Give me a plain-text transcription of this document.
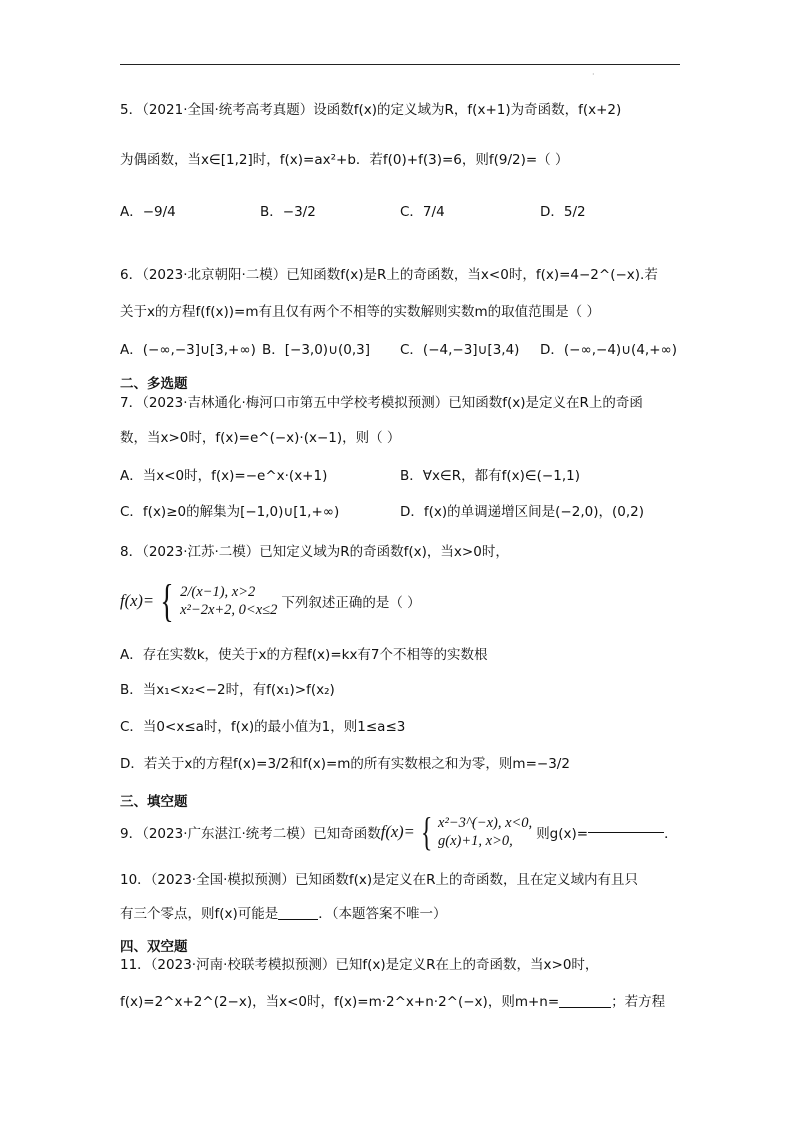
·
5．（2021·全国·统考高考真题）设函数f(x)的定义域为R，f(x+1)为奇函数，f(x+2)
为偶函数，当x∈[1,2]时，f(x)=ax²+b．若f(0)+f(3)=6，则f(9/2)=（ ）
A．−9/4	B．−3/2	C．7/4	D．5/2
6．（2023·北京朝阳·二模）已知函数f(x)是R上的奇函数，当x<0时，f(x)=4−2^(−x).若
关于x的方程f(f(x))=m有且仅有两个不相等的实数解则实数m的取值范围是（ ）
A．(−∞,−3]∪[3,+∞) B．[−3,0)∪(0,3] C．(−4,−3]∪[3,4) D．(−∞,−4)∪(4,+∞)
二、多选题
7．（2023·吉林通化·梅河口市第五中学校考模拟预测）已知函数f(x)是定义在R上的奇函
数，当x>0时，f(x)=e^(−x)·(x−1)，则（ ）
A．当x<0时，f(x)=−e^x·(x+1)	B．∀x∈R，都有f(x)∈(−1,1)
C．f(x)≥0的解集为[−1,0)∪[1,+∞)	D．f(x)的单调递增区间是(−2,0)，(0,2)
8．（2023·江苏·二模）已知定义域为R的奇函数f(x)，当x>0时，
f(x)= { 2/(x−1), x>2
x²−2x+2, 0<x≤2 下列叙述正确的是（ ）
A．存在实数k，使关于x的方程f(x)=kx有7个不相等的实数根
B．当x₁<x₂<−2时，有f(x₁)>f(x₂)
C．当0<x≤a时，f(x)的最小值为1，则1≤a≤3
D．若关于x的方程f(x)=3/2和f(x)=m的所有实数根之和为零，则m=−3/2
三、填空题
9．（2023·广东湛江·统考二模）已知奇函数 f(x)= { x²−3^(−x), x<0,
g(x)+1, x>0,	则g(x)=	．
10．（2023·全国·模拟预测）已知函数f(x)是定义在R上的奇函数，且在定义域内有且只
有三个零点，则f(x)可能是	．（本题答案不唯一）
四、双空题
11．（2023·河南·校联考模拟预测）已知f(x)是定义R在上的奇函数，当x>0时，
f(x)=2^x+2^(2−x)，当x<0时，f(x)=m·2^x+n·2^(−x)，则m+n=	；若方程
